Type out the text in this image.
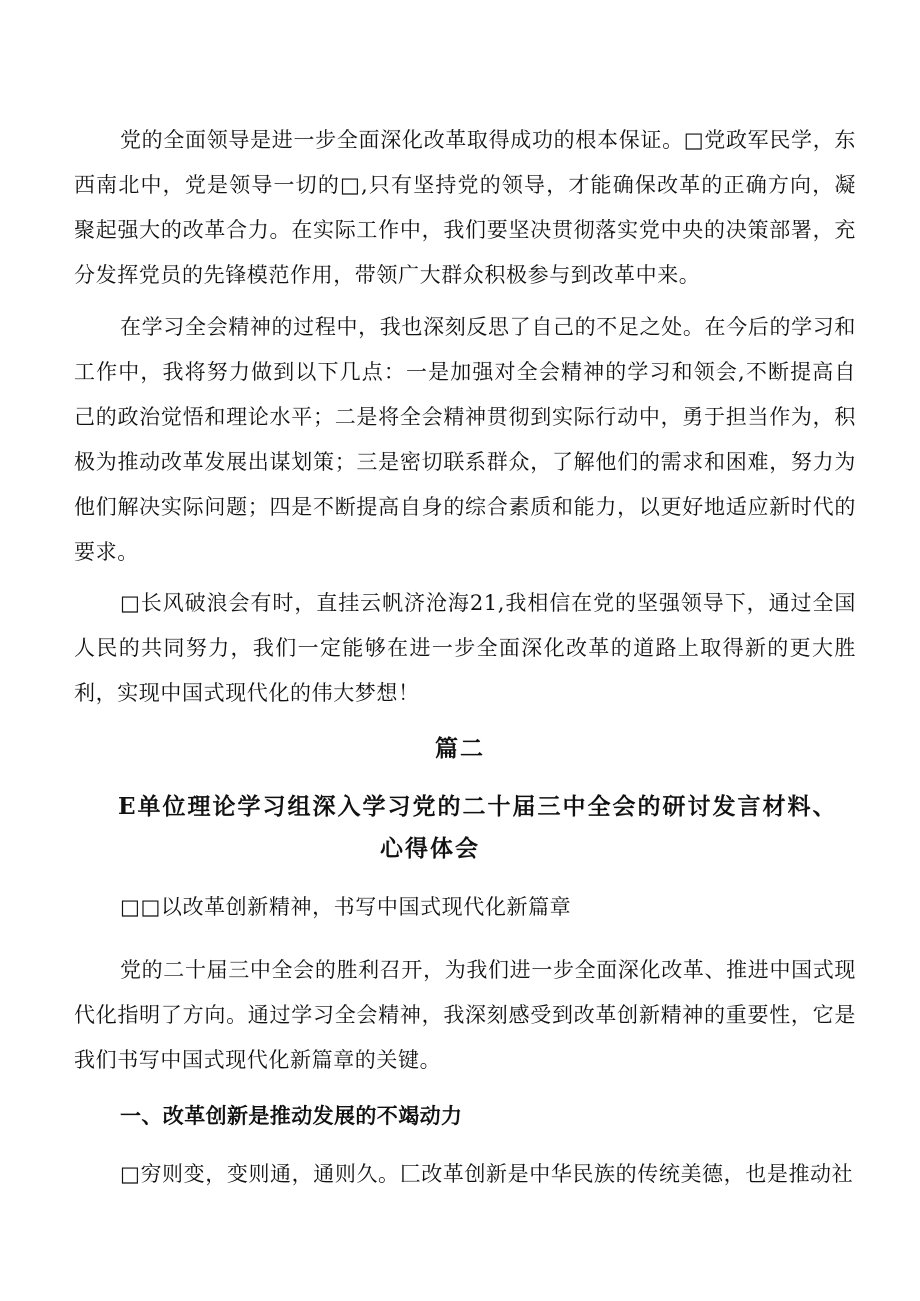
党的全面领导是进一步全面深化改革取得成功的根本保证。□党政军民学，东西南北中，党是领导一切的□,只有坚持党的领导，才能确保改革的正确方向，凝聚起强大的改革合力。在实际工作中，我们要坚决贯彻落实党中央的决策部署，充分发挥党员的先锋模范作用，带领广大群众积极参与到改革中来。

在学习全会精神的过程中，我也深刻反思了自己的不足之处。在今后的学习和工作中，我将努力做到以下几点：一是加强对全会精神的学习和领会,不断提高自己的政治觉悟和理论水平；二是将全会精神贯彻到实际行动中，勇于担当作为，积极为推动改革发展出谋划策；三是密切联系群众，了解他们的需求和困难，努力为他们解决实际问题；四是不断提高自身的综合素质和能力，以更好地适应新时代的要求。

□长风破浪会有时，直挂云帆济沧海21,我相信在党的坚强领导下，通过全国人民的共同努力，我们一定能够在进一步全面深化改革的道路上取得新的更大胜利，实现中国式现代化的伟大梦想！

篇二
E单位理论学习组深入学习党的二十届三中全会的研讨发言材料、
心得体会

□□以改革创新精神，书写中国式现代化新篇章

党的二十届三中全会的胜利召开，为我们进一步全面深化改革、推进中国式现代化指明了方向。通过学习全会精神，我深刻感受到改革创新精神的重要性，它是我们书写中国式现代化新篇章的关键。

一、改革创新是推动发展的不竭动力

□穷则变，变则通，通则久。匚改革创新是中华民族的传统美德，也是推动社
